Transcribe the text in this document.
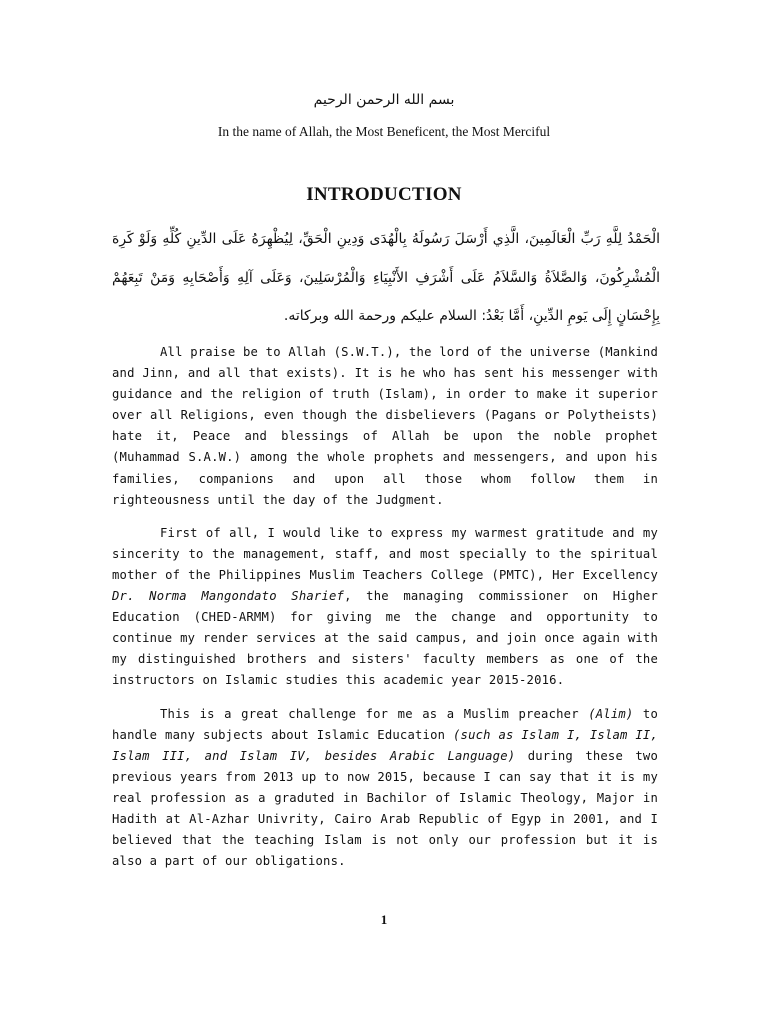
بسم الله الرحمن الرحيم
In the name of Allah, the Most Beneficent, the Most Merciful
INTRODUCTION
الْحَمْدُ لِلَّهِ رَبِّ الْعَالَمِينَ، الَّذِي أَرْسَلَ رَسُولَهُ بِالْهُدَى وَدِينِ الْحَقِّ، لِيُظْهِرَهُ عَلَى الدِّينِ كُلِّهِ وَلَوْ كَرِهَ الْمُشْرِكُونَ، وَالصَّلاَةُ وَالسَّلاَمُ عَلَى أَشْرَفِ الأَنْبِيَاءِ وَالْمُرْسَلِينَ، وَعَلَى آلِهِ وَأَصْحَابِهِ وَمَنْ تَبِعَهُمْ بِإِحْسَانٍ إِلَى يَومِ الدِّينِ، أَمَّا بَعْدُ: السلام عليكم ورحمة الله وبركاته.

All praise be to Allah (S.W.T.), the lord of the universe (Mankind and Jinn, and all that exists). It is he who has sent his messenger with guidance and the religion of truth (Islam), in order to make it superior over all Religions, even though the disbelievers (Pagans or Polytheists) hate it, Peace and blessings of Allah be upon the noble prophet (Muhammad S.A.W.) among the whole prophets and messengers, and upon his families, companions and upon all those whom follow them in righteousness until the day of the Judgment.

First of all, I would like to express my warmest gratitude and my sincerity to the management, staff, and most specially to the spiritual mother of the Philippines Muslim Teachers College (PMTC), Her Excellency Dr. Norma Mangondato Sharief, the managing commissioner on Higher Education (CHED-ARMM) for giving me the change and opportunity to continue my render services at the said campus, and join once again with my distinguished brothers and sisters' faculty members as one of the instructors on Islamic studies this academic year 2015-2016.

This is a great challenge for me as a Muslim preacher (Alim) to handle many subjects about Islamic Education (such as Islam I, Islam II, Islam III, and Islam IV, besides Arabic Language) during these two previous years from 2013 up to now 2015, because I can say that it is my real profession as a graduted in Bachilor of Islamic Theology, Major in Hadith at Al-Azhar Univrity, Cairo Arab Republic of Egyp in 2001, and I believed that the teaching Islam is not only our profession but it is also a part of our obligations.

1
